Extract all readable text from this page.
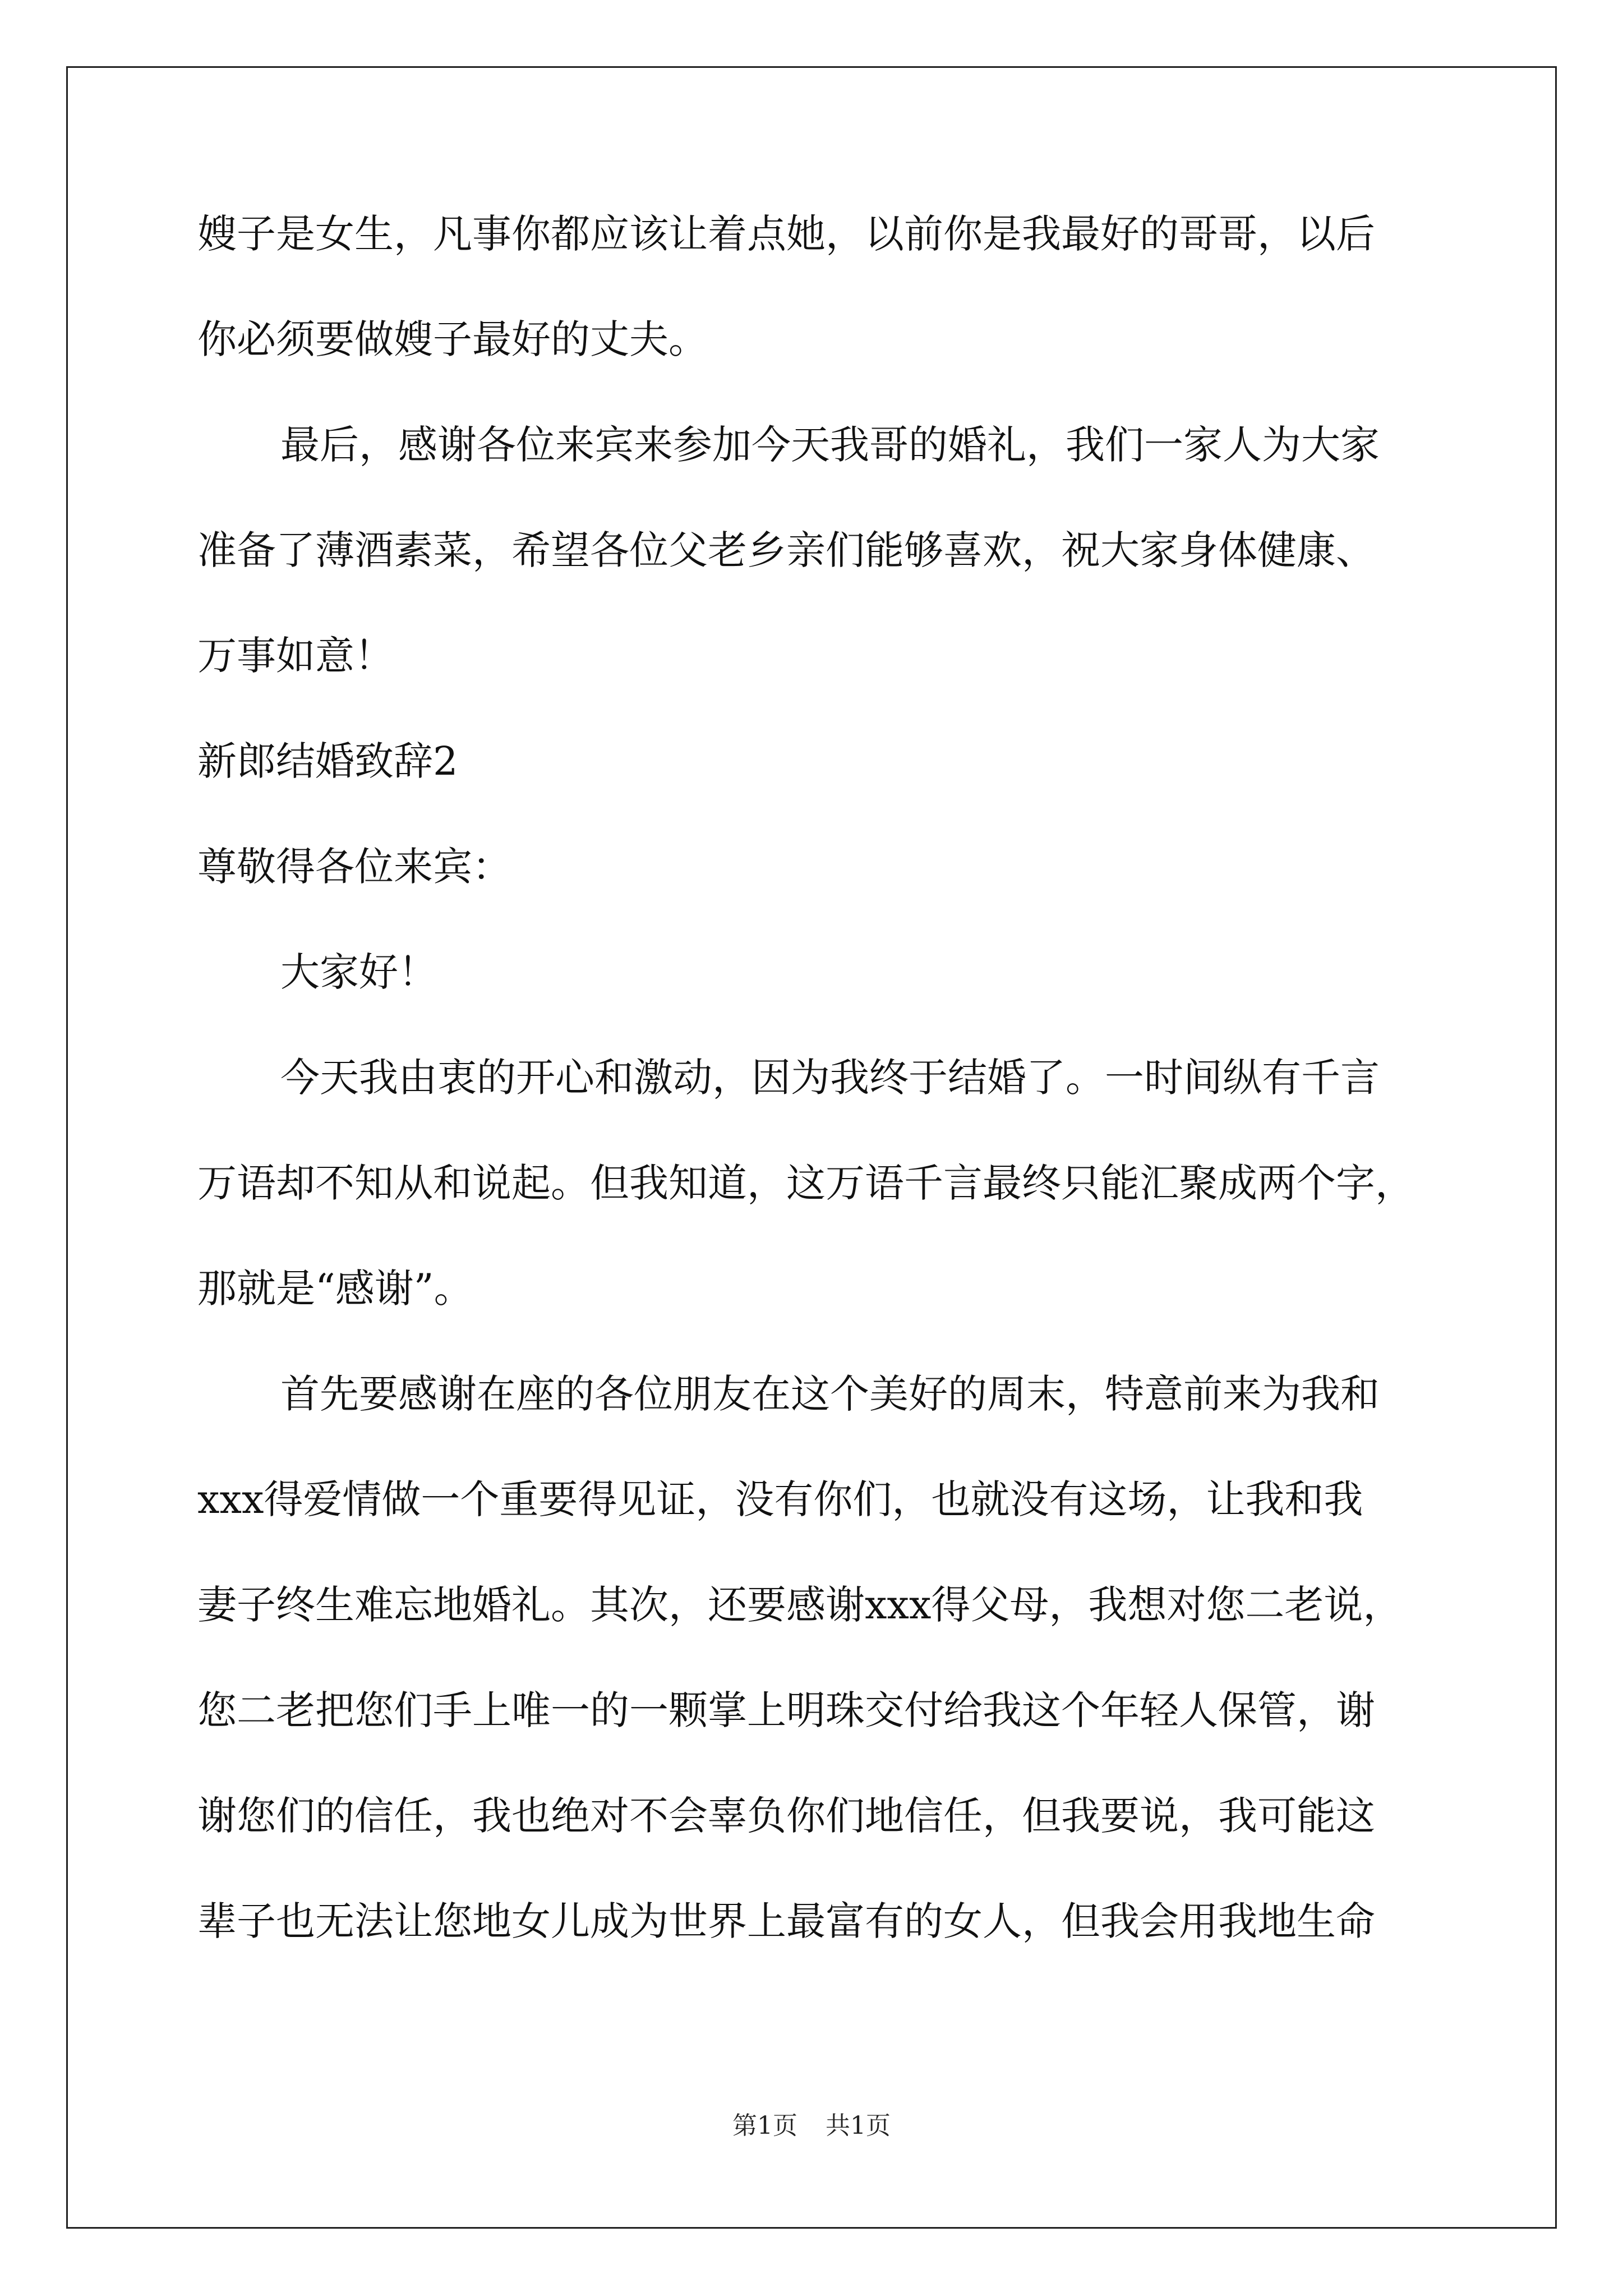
嫂子是女生，凡事你都应该让着点她，以前你是我最好的哥哥，以后

你必须要做嫂子最好的丈夫。

最后，感谢各位来宾来参加今天我哥的婚礼，我们一家人为大家

准备了薄酒素菜，希望各位父老乡亲们能够喜欢，祝大家身体健康、

万事如意！

新郎结婚致辞2

尊敬得各位来宾：

大家好！

今天我由衷的开心和激动，因为我终于结婚了。一时间纵有千言

万语却不知从和说起。但我知道，这万语千言最终只能汇聚成两个字，

那就是“感谢”。

首先要感谢在座的各位朋友在这个美好的周末，特意前来为我和

xxx得爱情做一个重要得见证，没有你们，也就没有这场，让我和我

妻子终生难忘地婚礼。其次，还要感谢xxx得父母，我想对您二老说，

您二老把您们手上唯一的一颗掌上明珠交付给我这个年轻人保管，谢

谢您们的信任，我也绝对不会辜负你们地信任，但我要说，我可能这

辈子也无法让您地女儿成为世界上最富有的女人，但我会用我地生命

第1页 共1页
